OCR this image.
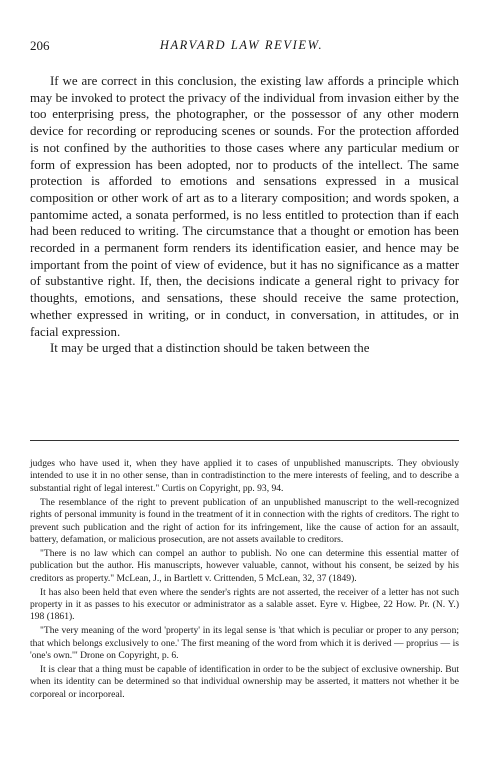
206	HARVARD LAW REVIEW.

If we are correct in this conclusion, the existing law affords a principle which may be invoked to protect the privacy of the individual from invasion either by the too enterprising press, the photographer, or the possessor of any other modern device for recording or reproducing scenes or sounds. For the protection afforded is not confined by the authorities to those cases where any particular medium or form of expression has been adopted, nor to products of the intellect. The same protection is afforded to emotions and sensations expressed in a musical composition or other work of art as to a literary composition; and words spoken, a pantomime acted, a sonata performed, is no less entitled to protection than if each had been reduced to writing. The circumstance that a thought or emotion has been recorded in a permanent form renders its identification easier, and hence may be important from the point of view of evidence, but it has no significance as a matter of substantive right. If, then, the decisions indicate a general right to privacy for thoughts, emotions, and sensations, these should receive the same protection, whether expressed in writing, or in conduct, in conversation, in attitudes, or in facial expression.

It may be urged that a distinction should be taken between the

judges who have used it, when they have applied it to cases of unpublished manuscripts. They obviously intended to use it in no other sense, than in contradistinction to the mere interests of feeling, and to describe a substantial right of legal interest." Curtis on Copyright, pp. 93, 94.

The resemblance of the right to prevent publication of an unpublished manuscript to the well-recognized rights of personal immunity is found in the treatment of it in connection with the rights of creditors. The right to prevent such publication and the right of action for its infringement, like the cause of action for an assault, battery, defamation, or malicious prosecution, are not assets available to creditors.

"There is no law which can compel an author to publish. No one can determine this essential matter of publication but the author. His manuscripts, however valuable, cannot, without his consent, be seized by his creditors as property." McLean, J., in Bartlett v. Crittenden, 5 McLean, 32, 37 (1849).

It has also been held that even where the sender's rights are not asserted, the receiver of a letter has not such property in it as passes to his executor or administrator as a salable asset. Eyre v. Higbee, 22 How. Pr. (N. Y.) 198 (1861).

"The very meaning of the word 'property' in its legal sense is 'that which is peculiar or proper to any person; that which belongs exclusively to one.' The first meaning of the word from which it is derived — proprius — is 'one's own.'" Drone on Copyright, p. 6.

It is clear that a thing must be capable of identification in order to be the subject of exclusive ownership. But when its identity can be determined so that individual ownership may be asserted, it matters not whether it be corporeal or incorporeal.
